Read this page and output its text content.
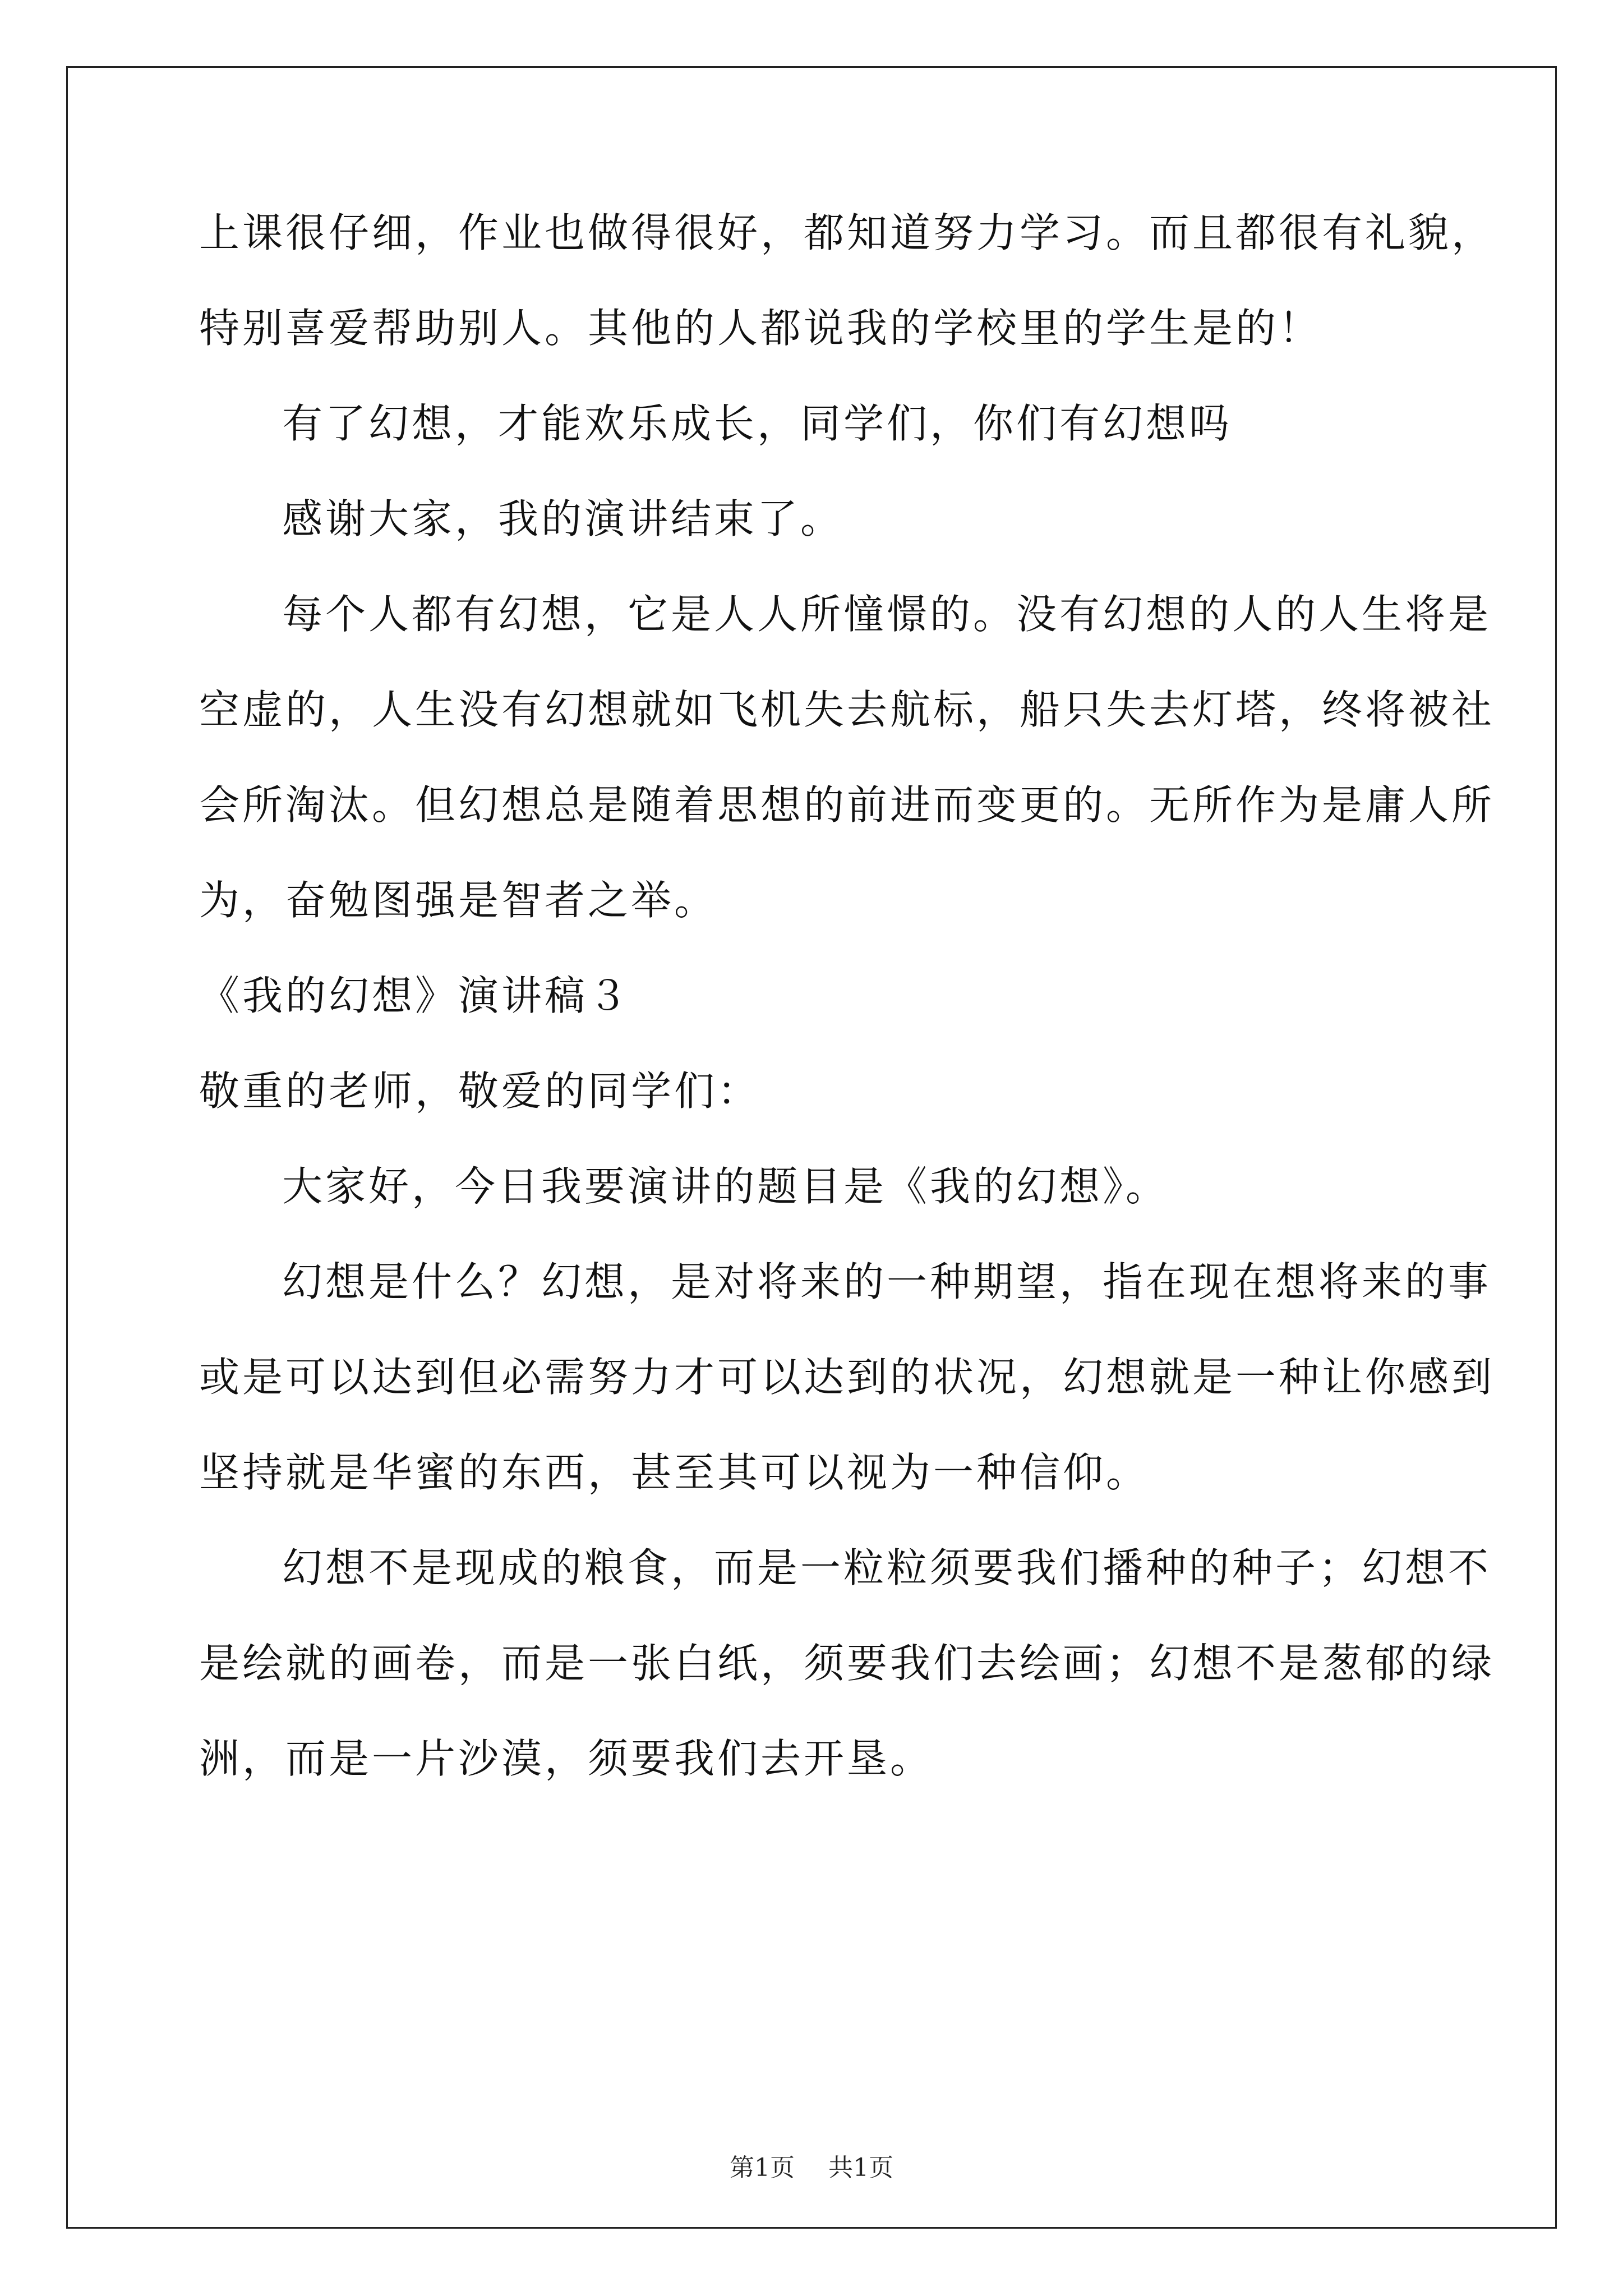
上课很仔细，作业也做得很好，都知道努力学习。而且都很有礼貌，
特别喜爱帮助别人。其他的人都说我的学校里的学生是的！
有了幻想，才能欢乐成长，同学们，你们有幻想吗
感谢大家，我的演讲结束了。
每个人都有幻想，它是人人所憧憬的。没有幻想的人的人生将是
空虚的，人生没有幻想就如飞机失去航标，船只失去灯塔，终将被社
会所淘汰。但幻想总是随着思想的前进而变更的。无所作为是庸人所
为，奋勉图强是智者之举。
《我的幻想》演讲稿３
敬重的老师，敬爱的同学们：
大家好，今日我要演讲的题目是《我的幻想》。
幻想是什么？幻想，是对将来的一种期望，指在现在想将来的事
或是可以达到但必需努力才可以达到的状况，幻想就是一种让你感到
坚持就是华蜜的东西，甚至其可以视为一种信仰。
幻想不是现成的粮食，而是一粒粒须要我们播种的种子；幻想不
是绘就的画卷，而是一张白纸，须要我们去绘画；幻想不是葱郁的绿
洲，而是一片沙漠，须要我们去开垦。
第1页 共1页
